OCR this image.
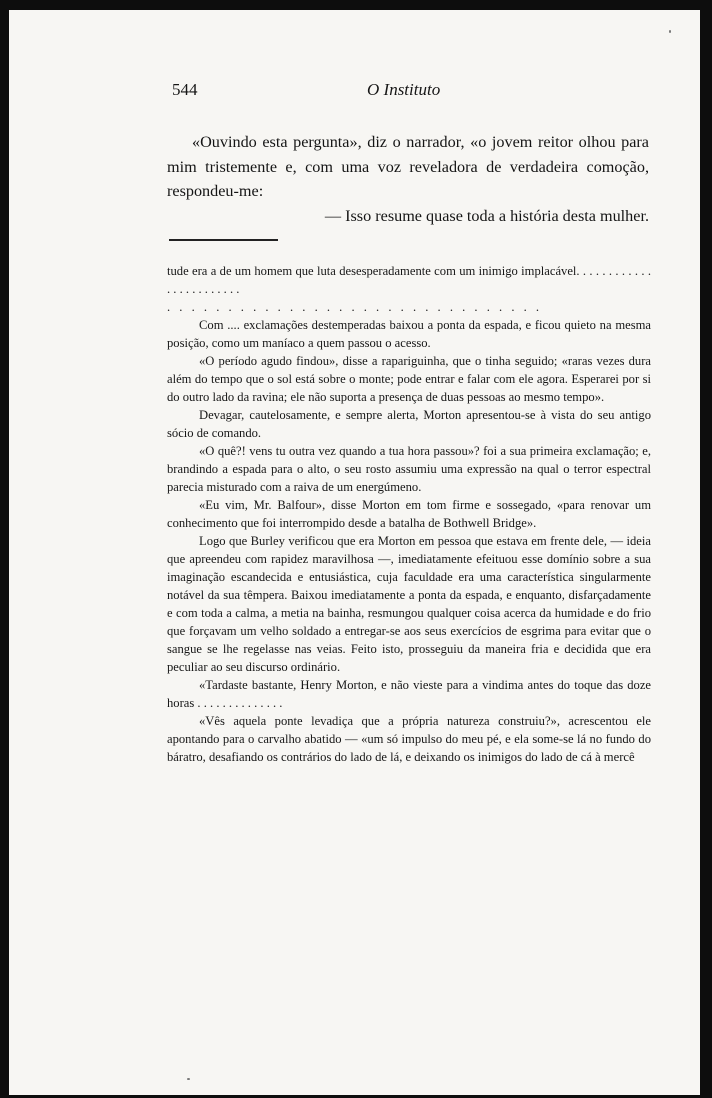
544	O Instituto

«Ouvindo esta pergunta», diz o narrador, «o jovem reitor olhou para mim tristemente e, com uma voz reveladora de verdadeira comoção, respondeu-me:

— Isso resume quase toda a história desta mulher.

tude era a de um homem que luta desesperadamente com um inimigo implacável. . . . . . . . . . . . . . . . . . . . . . . .

. . . . . . . . . . . . . . . . . . . . . . . . . . . . . . .

Com .... exclamações destemperadas baixou a ponta da espada, e ficou quieto na mesma posição, como um maníaco a quem passou o acesso.

«O período agudo findou», disse a rapariguinha, que o tinha seguido; «raras vezes dura além do tempo que o sol está sobre o monte; pode entrar e falar com ele agora. Esperarei por si do outro lado da ravina; ele não suporta a presença de duas pessoas ao mesmo tempo».

Devagar, cautelosamente, e sempre alerta, Morton apresentou-se à vista do seu antigo sócio de comando.

«O quê?! vens tu outra vez quando a tua hora passou»? foi a sua primeira exclamação; e, brandindo a espada para o alto, o seu rosto assumiu uma expressão na qual o terror espectral parecia misturado com a raiva de um energúmeno.

«Eu vim, Mr. Balfour», disse Morton em tom firme e sossegado, «para renovar um conhecimento que foi interrompido desde a batalha de Bothwell Bridge».

Logo que Burley verificou que era Morton em pessoa que estava em frente dele, — ideia que apreendeu com rapidez maravilhosa —, imediatamente efeituou esse domínio sobre a sua imaginação escandecida e entusiástica, cuja faculdade era uma característica singularmente notável da sua têmpera. Baixou imediatamente a ponta da espada, e enquanto, disfarçadamente e com toda a calma, a metia na bainha, resmungou qualquer coisa acerca da humidade e do frio que forçavam um velho soldado a entregar-se aos seus exercícios de esgrima para evitar que o sangue se lhe regelasse nas veias. Feito isto, prosseguiu da maneira fria e decidida que era peculiar ao seu discurso ordinário.

«Tardaste bastante, Henry Morton, e não vieste para a vindima antes do toque das doze horas . . . . . . . . . . . . . .

«Vês aquela ponte levadiça que a própria natureza construiu?», acrescentou ele apontando para o carvalho abatido — «um só impulso do meu pé, e ela some-se lá no fundo do báratro, desafiando os contrários do lado de lá, e deixando os inimigos do lado de cá à mercê
